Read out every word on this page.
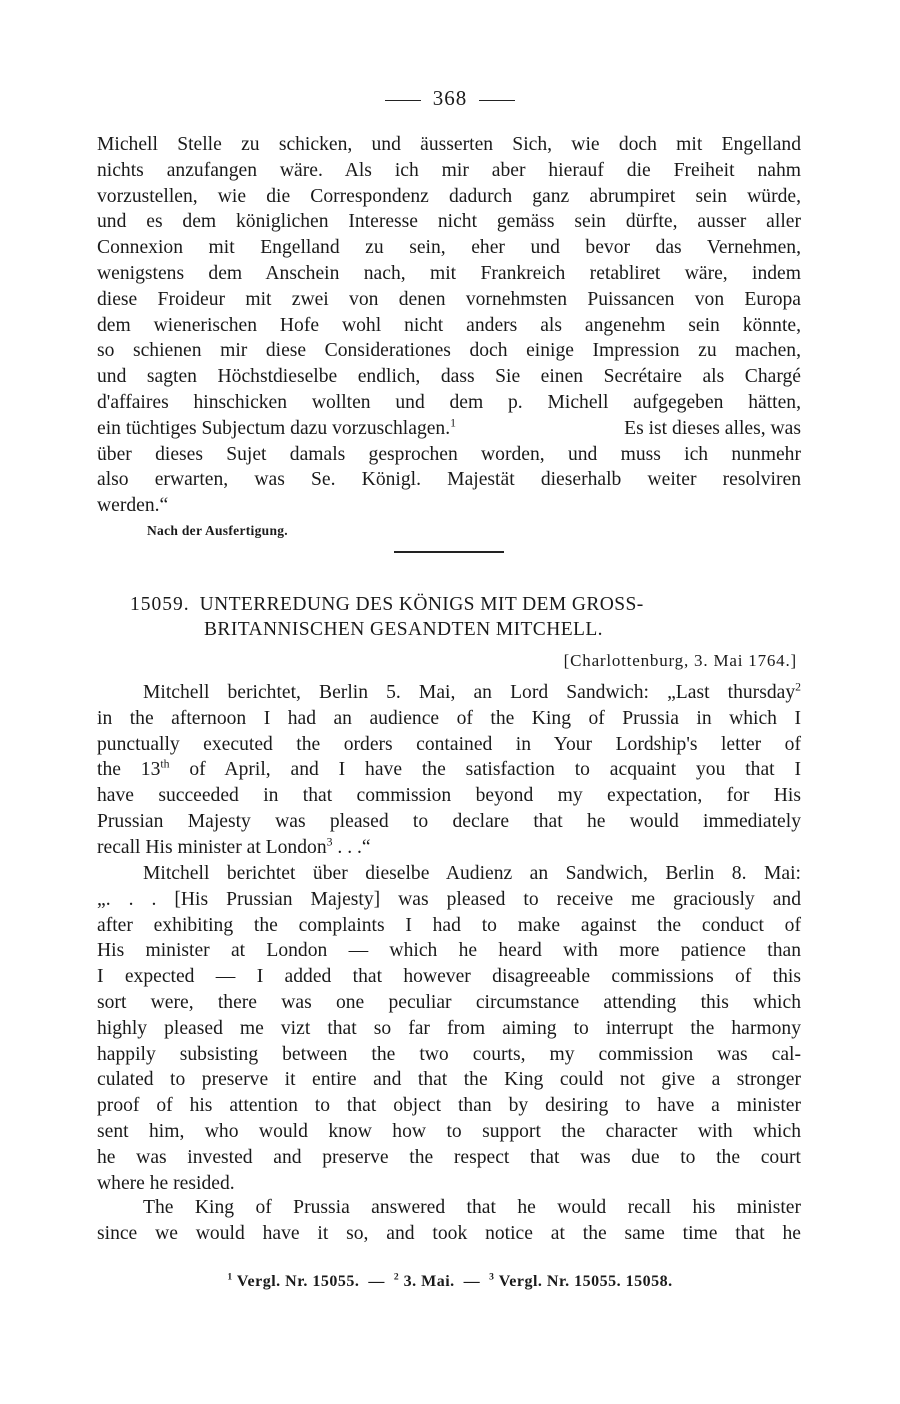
368

Michell Stelle zu schicken, und äusserten Sich, wie doch mit Engelland

nichts anzufangen wäre. Als ich mir aber hierauf die Freiheit nahm

vorzustellen, wie die Correspondenz dadurch ganz abrumpiret sein würde,

und es dem königlichen Interesse nicht gemäss sein dürfte, ausser aller

Connexion mit Engelland zu sein, eher und bevor das Vernehmen,

wenigstens dem Anschein nach, mit Frankreich retabliret wäre, indem

diese Froideur mit zwei von denen vornehmsten Puissancen von Europa

dem wienerischen Hofe wohl nicht anders als angenehm sein könnte,

so schienen mir diese Considerationes doch einige Impression zu machen,

und sagten Höchstdieselbe endlich, dass Sie einen Secrétaire als Chargé

d'affaires hinschicken wollten und dem p. Michell aufgegeben hätten,

ein tüchtiges Subjectum dazu vorzuschlagen.$^1$	Es ist dieses alles, was

über dieses Sujet damals gesprochen worden, und muss ich nunmehr

also erwarten, was Se. Königl. Majestät dieserhalb weiter resolviren

werden.“

Nach der Ausfertigung.
15059. UNTERREDUNG DES KÖNIGS MIT DEM GROSS-
BRITANNISCHEN GESANDTEN MITCHELL.
[Charlottenburg, 3. Mai 1764.]

Mitchell berichtet, Berlin 5. Mai, an Lord Sandwich: „Last thursday$^2$

in the afternoon I had an audience of the King of Prussia in which I

punctually executed the orders contained in Your Lordship's letter of

the 13th of April, and I have the satisfaction to acquaint you that I

have succeeded in that commission beyond my expectation, for His

Prussian Majesty was pleased to declare that he would immediately

recall His minister at London$^3$ . . .“

Mitchell berichtet über dieselbe Audienz an Sandwich, Berlin 8. Mai:

„. . . [His Prussian Majesty] was pleased to receive me graciously and

after exhibiting the complaints I had to make against the conduct of

His minister at London — which he heard with more patience than

I expected — I added that however disagreeable commissions of this

sort were, there was one peculiar circumstance attending this which

highly pleased me vizt that so far from aiming to interrupt the harmony

happily subsisting between the two courts, my commission was cal-

culated to preserve it entire and that the King could not give a stronger

proof of his attention to that object than by desiring to have a minister

sent him, who would know how to support the character with which

he was invested and preserve the respect that was due to the court

where he resided.

The King of Prussia answered that he would recall his minister

since we would have it so, and took notice at the same time that he

$^1$ Vergl. Nr. 15055. — $^2$ 3. Mai. — $^3$ Vergl. Nr. 15055. 15058.
